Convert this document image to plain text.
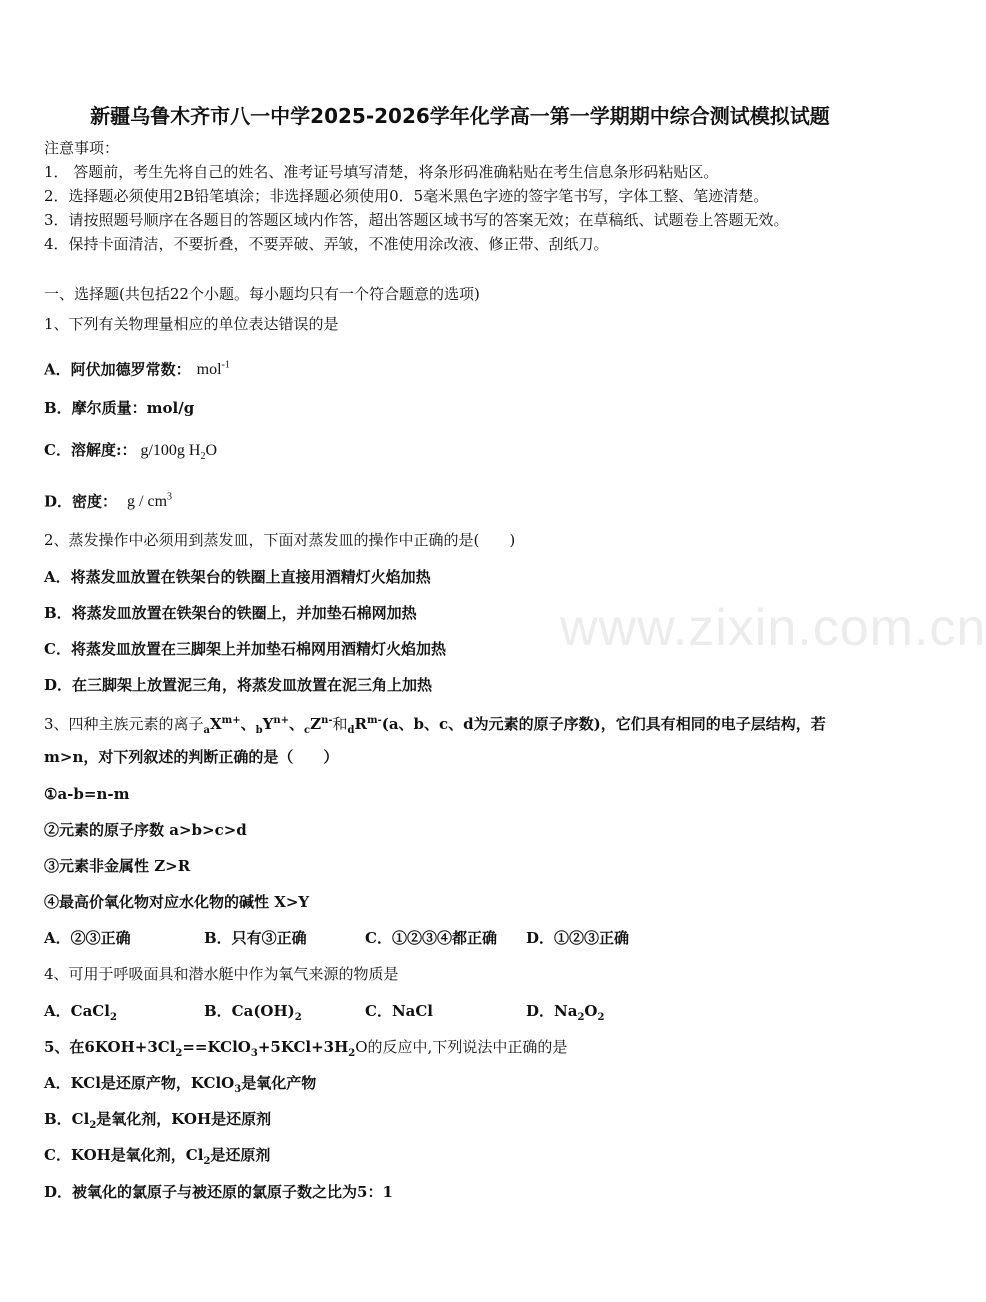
新疆乌鲁木齐市八一中学2025-2026学年化学高一第一学期期中综合测试模拟试题
注意事项：
1． 答题前，考生先将自己的姓名、准考证号填写清楚，将条形码准确粘贴在考生信息条形码粘贴区。
2．选择题必须使用2B铅笔填涂；非选择题必须使用0．5毫米黑色字迹的签字笔书写，字体工整、笔迹清楚。
3．请按照题号顺序在各题目的答题区域内作答，超出答题区域书写的答案无效；在草稿纸、试题卷上答题无效。
4．保持卡面清洁，不要折叠，不要弄破、弄皱，不准使用涂改液、修正带、刮纸刀。
一、选择题(共包括22个小题。每小题均只有一个符合题意的选项)
1、下列有关物理量相应的单位表达错误的是
A．阿伏加德罗常数： mol$^{-1}$
B．摩尔质量：mol/g
C．溶解度:： g/100g $H_2O$
D．密度： g / $cm^3$
2、蒸发操作中必须用到蒸发皿，下面对蒸发皿的操作中正确的是(　　)
A．将蒸发皿放置在铁架台的铁圈上直接用酒精灯火焰加热
B．将蒸发皿放置在铁架台的铁圈上，并加垫石棉网加热
C．将蒸发皿放置在三脚架上并加垫石棉网用酒精灯火焰加热
D．在三脚架上放置泥三角，将蒸发皿放置在泥三角上加热
www.zixin.com.cn
3、四种主族元素的离子$_aX^{m+}$、$_bY^{n+}$、$_cZ^{n-}$和$_dR^{m-}(a$、b、c、d为元素的原子序数)，它们具有相同的电子层结构，若
m>n，对下列叙述的判断正确的是（　　）
①a-b=n-m
②元素的原子序数 a>b>c>d
③元素非金属性 Z>R
④最高价氧化物对应水化物的碱性 X>Y
A．②③正确	B．只有③正确	C．①②③④都正确 D．①②③正确
4、可用于呼吸面具和潜水艇中作为氧气来源的物质是
A．CaCl$_2$	B．$Ca(OH)_2$	C．NaCl	D．$Na_2O_2$
5、在$6KOH+3Cl_2==KClO_3+5KCl+3H_2O$的反应中,下列说法中正确的是
A．KCl是还原产物，KClO$_3$是氧化产物
B．$Cl_2$是氧化剂，KOH是还原剂
C．KOH是氧化剂，$Cl_2$是还原剂
D．被氧化的氯原子与被还原的氯原子数之比为5：1
